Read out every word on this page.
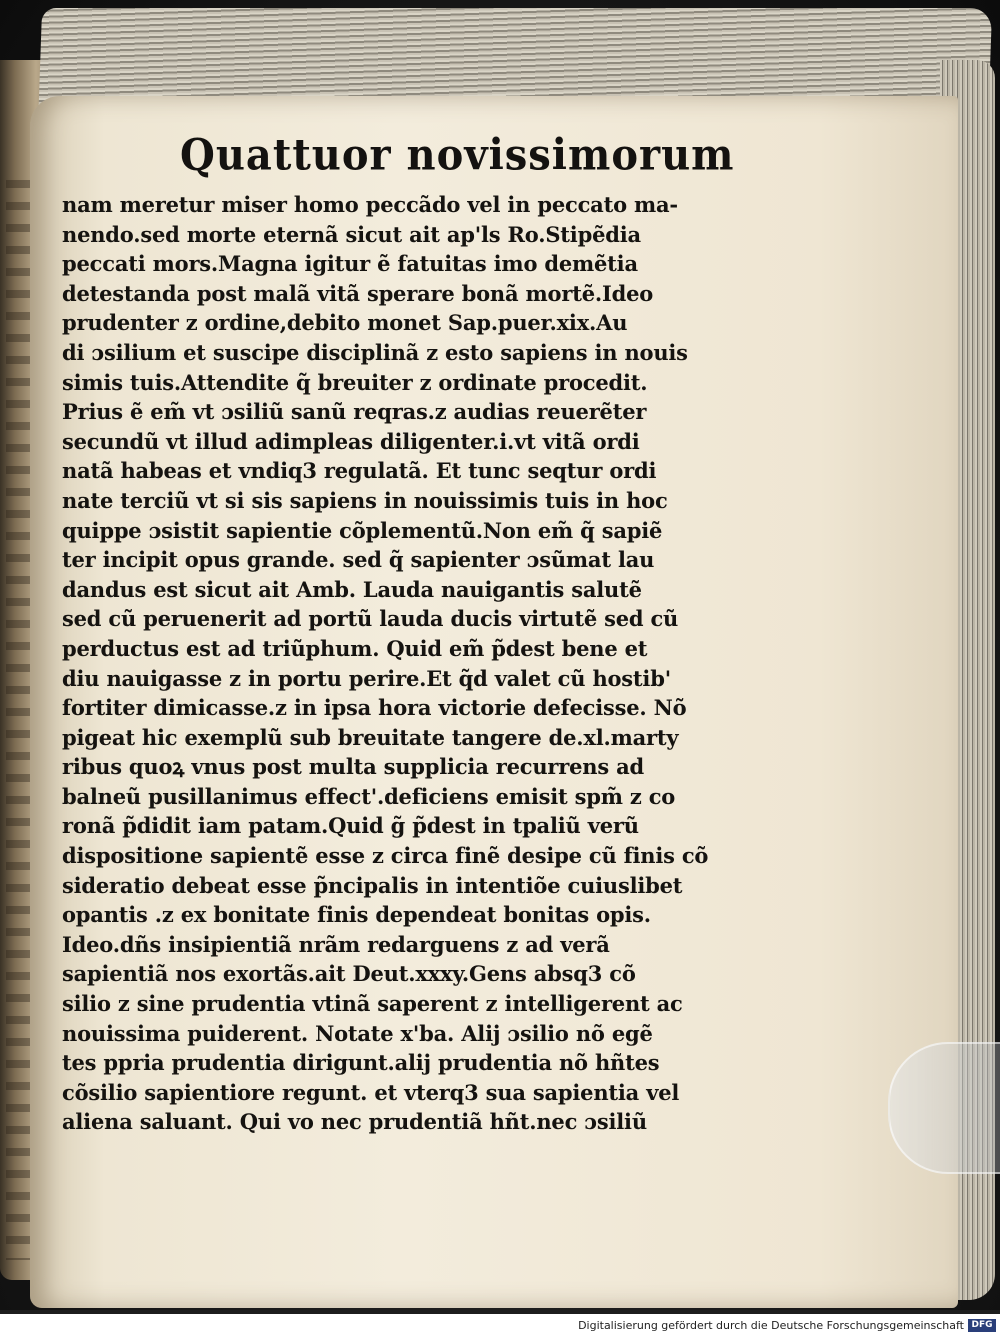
Quattuor novissimorum
nam meretur miser homo peccãdo vel in peccato ma-
nendo.sed morte eternã sicut ait ap'ls Ro.Stipẽdia
peccati mors.Magna igitur ẽ fatuitas imo demẽtia
detestanda post malã vitã sperare bonã mortẽ.Ideo
prudenter z ordine,debito monet Sap.puer.xix.Au
di ɔsilium et suscipe disciplinã z esto sapiens in nouis
simis tuis.Attendite q̃ breuiter z ordinate procedit.
Prius ẽ em̃ vt ɔsiliũ sanũ reqras.z audias reuerẽter
secundũ vt illud adimpleas diligenter.i.vt vitã ordi
natã habeas et vndiq3 regulatã. Et tunc seqtur ordi
nate terciũ vt si sis sapiens in nouissimis tuis in hoc
quippe ɔsistit sapientie cõplementũ.Non em̃ q̃ sapiẽ
ter incipit opus grande. sed q̃ sapienter ɔsũmat lau
dandus est sicut ait Amb. Lauda nauigantis salutẽ
sed cũ peruenerit ad portũ lauda ducis virtutẽ sed cũ
perductus est ad triũphum. Quid em̃ p̃dest bene et
diu nauigasse z in portu perire.Et q̃d valet cũ hostib'
fortiter dimicasse.z in ipsa hora victorie defecisse. Nõ
pigeat hic exemplũ sub breuitate tangere de.xl.marty
ribus quoꝝ vnus post multa supplicia recurrens ad
balneũ pusillanimus effect'.deficiens emisit spm̃ z co
ronã p̃didit iam patam.Quid g̃ p̃dest in tpaliũ verũ
dispositione sapientẽ esse z circa finẽ desipe cũ finis cõ
sideratio debeat esse p̃ncipalis in intentiõe cuiuslibet
opantis .z ex bonitate finis dependeat bonitas opis.
Ideo.dñs insipientiã nrãm redarguens z ad verã
sapientiã nos exortãs.ait Deut.xxxy.Gens absq3 cõ
silio z sine prudentia vtinã saperent z intelligerent ac
nouissima puiderent. Notate x'ba. Alij ɔsilio nõ egẽ
tes ppria prudentia dirigunt.alij prudentia nõ hñtes
cõsilio sapientiore regunt. et vterq3 sua sapientia vel
aliena saluant. Qui vo nec prudentiã hñt.nec ɔsiliũ
Digitalisierung gefördert durch die Deutsche Forschungsgemeinschaft DFG
